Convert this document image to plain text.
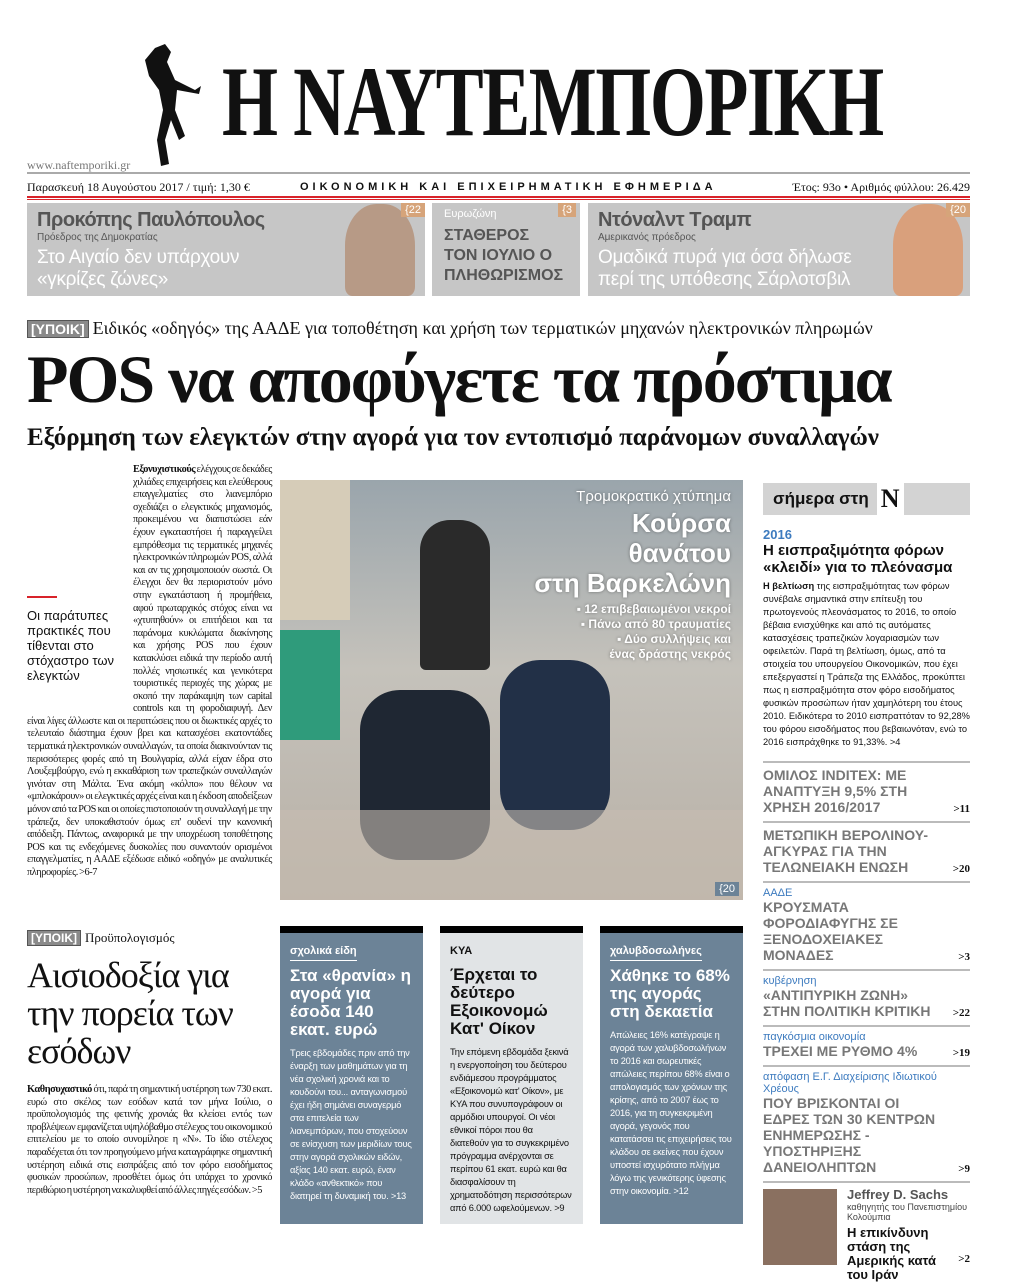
Η ΝΑΥΤΕΜΠΟΡΙΚΗ
www.naftemporiki.gr
Παρασκευή 18 Αυγούστου 2017 / τιμή: 1,30 €	ΟΙΚΟΝΟΜΙΚΗ ΚΑΙ ΕΠΙΧΕΙΡΗΜΑΤΙΚΗ ΕΦΗΜΕΡΙΔΑ	Έτος: 93ο • Αριθμός φύλλου: 26.429
{22
Προκόπης Παυλόπουλος
Πρόεδρος της Δημοκρατίας
Στο Αιγαίο δεν υπάρχουν «γκρίζες ζώνες»
{3
Ευρωζώνη
ΣΤΑΘΕΡΟΣ ΤΟΝ ΙΟΥΛΙΟ Ο ΠΛΗΘΩΡΙΣΜΟΣ
{20
Ντόναλντ Τραμπ
Αμερικανός πρόεδρος
Ομαδικά πυρά για όσα δήλωσε περί της υπόθεσης Σάρλοτσβιλ
[ΥΠΟΙΚ] Ειδικός «οδηγός» της ΑΑΔΕ για τοποθέτηση και χρήση των τερματικών μηχανών ηλεκτρονικών πληρωμών
POS να αποφύγετε τα πρόστιμα
Εξόρμηση των ελεγκτών στην αγορά για τον εντοπισμό παράνομων συναλλαγών
Εξονυχιστικούς ελέγχους σε δεκάδες χιλιάδες επιχειρήσεις και ελεύθερους επαγγελματίες στο λιανεμπόριο σχεδιάζει ο ελεγκτικός μηχανισμός, προκειμένου να διαπιστώσει εάν έχουν εγκαταστήσει ή παραγγείλει εμπρόθεσμα τις τερματικές μηχανές ηλεκτρονικών πληρωμών POS, αλλά και αν τις χρησιμοποιούν σωστά. Οι έλεγχοι δεν θα περιοριστούν μόνο στην εγκατάσταση ή προμήθεια, αφού πρωταρχικός στόχος είναι να «χτυπηθούν» οι επιτήδειοι και τα παράνομα κυκλώματα διακίνησης και χρήσης POS που έχουν κατακλύσει ειδικά την περίοδο αυτή πολλές νησιωτικές και γενικότερα τουριστικές περιοχές της χώρας με σκοπό την παράκαμψη των capital controls και τη φοροδιαφυγή. Δεν είναι λίγες άλλωστε και οι περιπτώσεις που οι διωκτικές αρχές το τελευταίο διάστημα έχουν βρει και κατασχέσει εκατοντάδες τερματικά ηλεκτρονικών συναλλαγών, τα οποία διακινούνταν τις περισσότερες φορές από τη Βουλγαρία, αλλά είχαν έδρα στο Λουξεμβούργο, ενώ η εκκαθάριση των τραπεζικών συναλλαγών γινόταν στη Μάλτα. Ένα ακόμη «κόλπο» που θέλουν να «μπλοκάρουν» οι ελεγκτικές αρχές είναι και η έκδοση αποδείξεων μόνον από τα POS και οι οποίες πιστοποιούν τη συναλλαγή με την τράπεζα, δεν υποκαθιστούν όμως επ' ουδενί την κανονική απόδειξη. Πάντως, αναφορικά με την υποχρέωση τοποθέτησης POS και τις ενδεχόμενες δυσκολίες που συναντούν ορισμένοι επαγγελματίες, η ΑΑΔΕ εξέδωσε ειδικό «οδηγό» με αναλυτικές πληροφορίες. >6-7

Οι παράτυπες πρακτικές που τίθενται στο στόχαστρο των ελεγκτών

Τρομοκρατικό χτύπημα
Κούρσα
θανάτου
στη Βαρκελώνη
▪ 12 επιβεβαιωμένοι νεκροί
▪ Πάνω από 80 τραυματίες
▪ Δύο συλλήψεις και
ένας δράστης νεκρός
{20
σήμερα στη N
2016
Η εισπραξιμότητα φόρων «κλειδί» για το πλεόνασμα
Η βελτίωση της εισπραξιμότητας των φόρων συνέβαλε σημαντικά στην επίτευξη του πρωτογενούς πλεονάσματος το 2016, το οποίο βέβαια ενισχύθηκε και από τις αυτόματες κατασχέσεις τραπεζικών λογαριασμών των οφειλετών. Παρά τη βελτίωση, όμως, από τα στοιχεία του υπουργείου Οικονομικών, που έχει επεξεργαστεί η Τράπεζα της Ελλάδος, προκύπτει πως η εισπραξιμότητα στον φόρο εισοδήματος φυσικών προσώπων ήταν χαμηλότερη του έτους 2010. Ειδικότερα το 2010 εισπραττόταν το 92,28% του φόρου εισοδήματος που βεβαιωνόταν, ενώ το 2016 εισπράχθηκε το 91,33%. >4
ΟΜΙΛΟΣ INDITEX: ΜΕ ΑΝΑΠΤΥΞΗ 9,5% ΣΤΗ ΧΡΗΣΗ 2016/2017	>11
ΜΕΤΩΠΙΚΗ ΒΕΡΟΛΙΝΟΥ-ΑΓΚΥΡΑΣ ΓΙΑ ΤΗΝ ΤΕΛΩΝΕΙΑΚΗ ΕΝΩΣΗ	>20
ΑΑΔΕ
ΚΡΟΥΣΜΑΤΑ ΦΟΡΟΔΙΑΦΥΓΗΣ ΣΕ ΞΕΝΟΔΟΧΕΙΑΚΕΣ ΜΟΝΑΔΕΣ	>3
κυβέρνηση
«ΑΝΤΙΠΥΡΙΚΗ ΖΩΝΗ» ΣΤΗΝ ΠΟΛΙΤΙΚΗ ΚΡΙΤΙΚΗ	>22
παγκόσμια οικονομία
ΤΡΕΧΕΙ ΜΕ ΡΥΘΜΟ 4%	>19
απόφαση Ε.Γ. Διαχείρισης Ιδιωτικού Χρέους
ΠΟΥ ΒΡΙΣΚΟΝΤΑΙ ΟΙ ΕΔΡΕΣ ΤΩΝ 30 ΚΕΝΤΡΩΝ ΕΝΗΜΕΡΩΣΗΣ - ΥΠΟΣΤΗΡΙΞΗΣ ΔΑΝΕΙΟΛΗΠΤΩΝ	>9
Jeffrey D. Sachs
καθηγητής του Πανεπιστημίου Κολούμπια
Η επικίνδυνη στάση της Αμερικής κατά του Ιράν
>2
[ΥΠΟΙΚ] Προϋπολογισμός
Αισιοδοξία για την πορεία των εσόδων
Καθησυχαστικό ότι, παρά τη σημαντική υστέρηση των 730 εκατ. ευρώ στο σκέλος των εσόδων κατά τον μήνα Ιούλιο, ο προϋπολογισμός της φετινής χρονιάς θα κλείσει εντός των προβλέψεων εμφανίζεται υψηλόβαθμο στέλεχος του οικονομικού επιτελείου με το οποίο συνομίλησε η «Ν». Το ίδιο στέλεχος παραδέχεται ότι τον προηγούμενο μήνα καταγράφηκε σημαντική υστέρηση ειδικά στις εισπράξεις από τον φόρο εισοδήματος φυσικών προσώπων, προσθέτει όμως ότι υπάρχει το χρονικό περιθώριο η υστέρηση να καλυφθεί από άλλες πηγές εσόδων. >5
σχολικά είδη
Στα «θρανία» η αγορά για έσοδα 140 εκατ. ευρώ
Τρεις εβδομάδες πριν από την έναρξη των μαθημάτων για τη νέα σχολική χρονιά και το κουδούνι του... ανταγωνισμού έχει ήδη σημάνει συναγερμό στα επιτελεία των λιανεμπόρων, που στοχεύουν σε ενίσχυση των μεριδίων τους στην αγορά σχολικών ειδών, αξίας 140 εκατ. ευρώ, έναν κλάδο «ανθεκτικό» που διατηρεί τη δυναμική του. >13
ΚΥΑ
Έρχεται το δεύτερο Εξοικονομώ Κατ' Οίκον
Την επόμενη εβδομάδα ξεκινά η ενεργοποίηση του δεύτερου ενδιάμεσου προγράμματος «Εξοικονομώ κατ' Οίκον», με ΚΥΑ που συνυπογράφουν οι αρμόδιοι υπουργοί. Οι νέοι εθνικοί πόροι που θα διατεθούν για το συγκεκριμένο πρόγραμμα ανέρχονται σε περίπου 61 εκατ. ευρώ και θα διασφαλίσουν τη χρηματοδότηση περισσότερων από 6.000 ωφελούμενων. >9
χαλυβδοσωλήνες
Χάθηκε το 68% της αγοράς στη δεκαετία
Απώλειες 16% κατέγραψε η αγορά των χαλυβδοσωλήνων το 2016 και σωρευτικές απώλειες περίπου 68% είναι ο απολογισμός των χρόνων της κρίσης, από το 2007 έως το 2016, για τη συγκεκριμένη αγορά, γεγονός που κατατάσσει τις επιχειρήσεις του κλάδου σε εκείνες που έχουν υποστεί ισχυρότατο πλήγμα λόγω της γενικότερης ύφεσης στην οικονομία. >12
